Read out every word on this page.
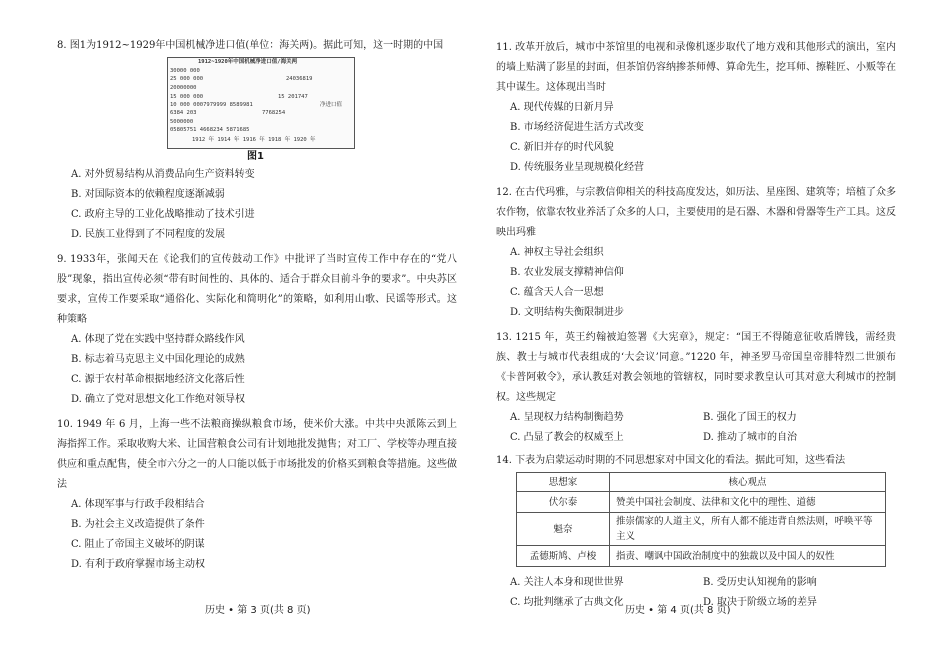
8. 图1为1912~1929年中国机械净进口值(单位：海关两)。据此可知，这一时期的中国

1912~1920年中国机械净进口值/海关两
30000 000
25 000 000	24036819
20000000
15 000 000	15 201747
10 000 0007979999 8589981	净进口值
6384 203	7768254
5000000
05805751 4668234 5871685
1912 年 1914 年 1916 年 1918 年 1920 年
图1
A. 对外贸易结构从消费品向生产资料转变
B. 对国际资本的依赖程度逐渐减弱
C. 政府主导的工业化战略推动了技术引进
D. 民族工业得到了不同程度的发展

9. 1933年，张闻天在《论我们的宣传鼓动工作》中批评了当时宣传工作中存在的“党八股”现象，指出宣传必须“带有时间性的、具体的、适合于群众目前斗争的要求”。中央苏区要求，宣传工作要采取“通俗化、实际化和简明化”的策略，如利用山歌、民谣等形式。这种策略

A. 体现了党在实践中坚持群众路线作风
B. 标志着马克思主义中国化理论的成熟
C. 源于农村革命根据地经济文化落后性
D. 确立了党对思想文化工作绝对领导权

10. 1949 年 6 月，上海一些不法粮商操纵粮食市场，使米价大涨。中共中央派陈云到上海指挥工作。采取收购大米、让国营粮食公司有计划地批发抛售；对工厂、学校等办理直接供应和重点配售，使全市六分之一的人口能以低于市场批发的价格买到粮食等措施。这些做法

A. 体现军事与行政手段相结合
B. 为社会主义改造提供了条件
C. 阻止了帝国主义破坏的阴谋
D. 有利于政府掌握市场主动权
历史 • 第 3 页(共 8 页)

11. 改革开放后，城市中茶馆里的电视和录像机逐步取代了地方戏和其他形式的演出，室内的墙上贴满了影星的封面，但茶馆仍容纳掺茶师傅、算命先生，挖耳师、擦鞋匠、小贩等在其中谋生。这体现出当时

A. 现代传媒的日新月异
B. 市场经济促进生活方式改变
C. 新旧并存的时代风貌
D. 传统服务业呈现规模化经营

12. 在古代玛雅，与宗教信仰相关的科技高度发达，如历法、星座图、建筑等；培植了众多农作物，依靠农牧业养活了众多的人口，主要使用的是石器、木器和骨器等生产工具。这反映出玛雅

A. 神权主导社会组织
B. 农业发展支撑精神信仰
C. 蕴含天人合一思想
D. 文明结构失衡限制进步

13. 1215 年，英王约翰被迫签署《大宪章》，规定：“国王不得随意征收盾牌钱，需经贵族、教士与城市代表组成的‘大会议’同意。”1220 年，神圣罗马帝国皇帝腓特烈二世颁布《卡普阿敕令》，承认教廷对教会领地的管辖权，同时要求教皇认可其对意大利城市的控制权。这些规定

A. 呈现权力结构制衡趋势	B. 强化了国王的权力
C. 凸显了教会的权威至上	D. 推动了城市的自治

14. 下表为启蒙运动时期的不同思想家对中国文化的看法。据此可知，这些看法

思想家	核心观点
伏尔泰	赞美中国社会制度、法律和文化中的理性、道德
魁奈	推崇儒家的人道主义，所有人都不能违背自然法则，呼唤平等主义
孟德斯鸠、卢梭	指责、嘲讽中国政治制度中的独裁以及中国人的奴性
A. 关注人本身和现世世界	B. 受历史认知视角的影响
C. 均批判继承了古典文化	D. 取决于阶级立场的差异
历史 • 第 4 页(共 8 页)
